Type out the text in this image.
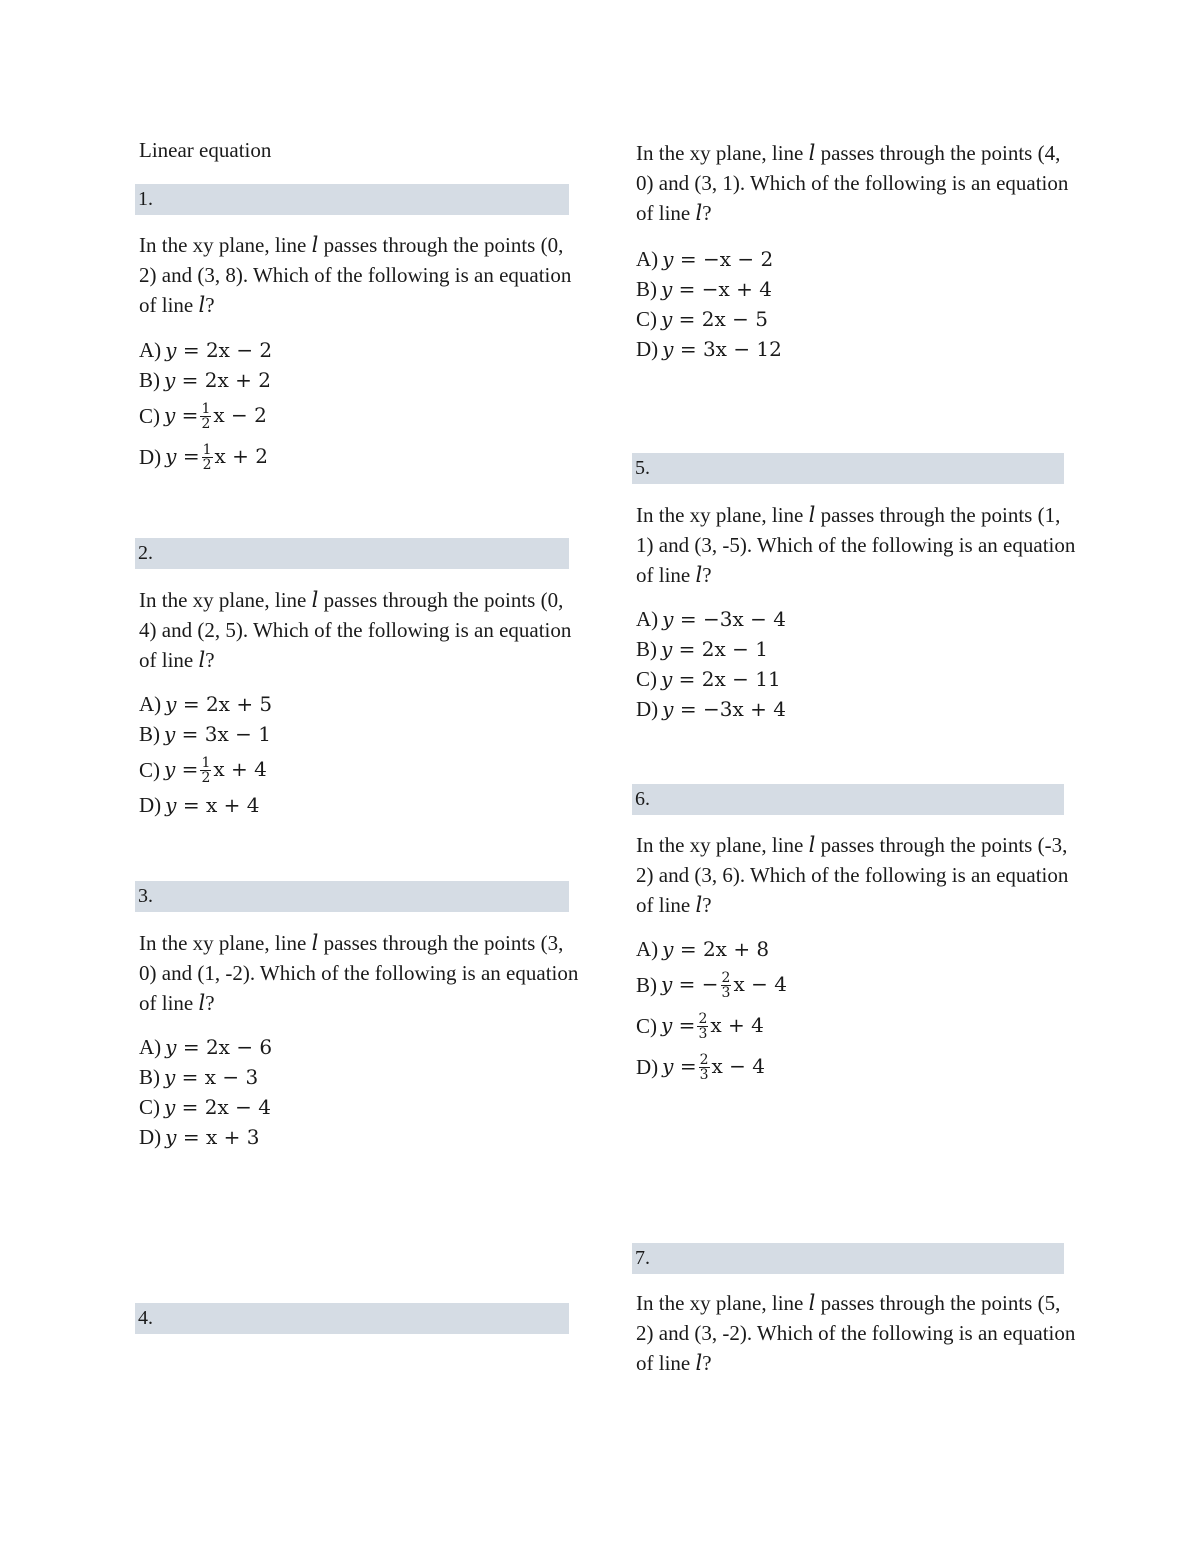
Linear equation
1.
In the xy plane, line l passes through the points (0, 2) and (3, 8). Which of the following is an equation of line l?
A) y = 2x − 2
B) y = 2x + 2
C) $y = \frac{1}{2}$ x − 2
D) $y = \frac{1}{2}$ x + 2
2.
In the xy plane, line l passes through the points (0, 4) and (2, 5). Which of the following is an equation of line l?
A) y = 2x + 5
B) y = 3x − 1
C) $y = \frac{1}{2}$ x + 4
D) y = x + 4
3.
In the xy plane, line l passes through the points (3, 0) and (1, -2). Which of the following is an equation of line l?
A) y = 2x − 6
B) y = x − 3
C) y = 2x − 4
D) y = x + 3
4.
In the xy plane, line l passes through the points (4, 0) and (3, 1). Which of the following is an equation of line l?
A) y = −x − 2
B) y = −x + 4
C) y = 2x − 5
D) y = 3x − 12
5.
In the xy plane, line l passes through the points (1, 1) and (3, -5). Which of the following is an equation of line l?
A) y = −3x − 4
B) y = 2x − 1
C) y = 2x − 11
D) y = −3x + 4
6.
In the xy plane, line l passes through the points (-3, 2) and (3, 6). Which of the following is an equation of line l?
A) y = 2x + 8
B) y = − $\frac{2}{3}$ x − 4
C) $y = \frac{2}{3}$ x + 4
D) $y = \frac{2}{3}$ x − 4
7.
In the xy plane, line l passes through the points (5, 2) and (3, -2). Which of the following is an equation of line l?
